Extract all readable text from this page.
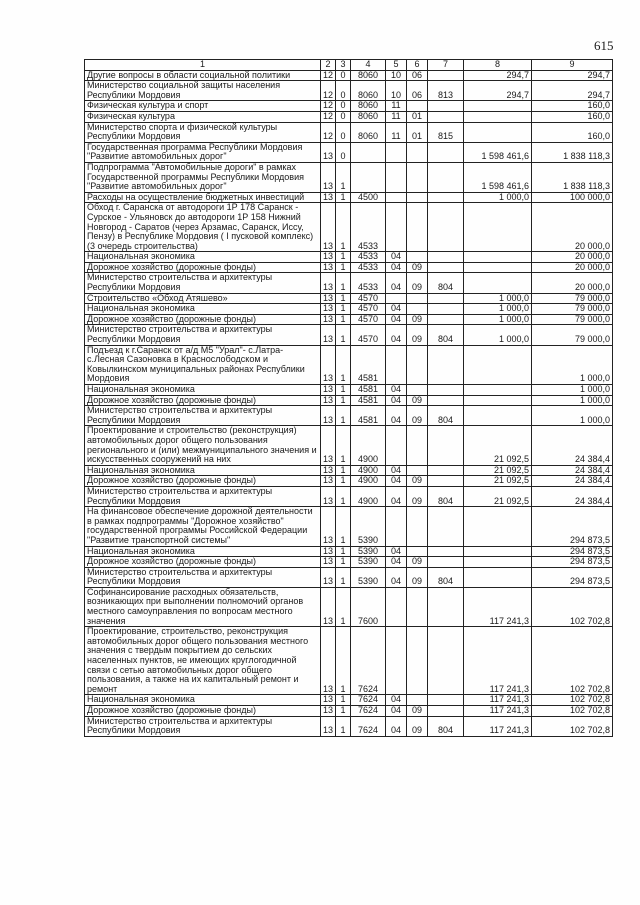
615
1	2	3	4	5	6	7	8	9
Другие вопросы в области социальной политики	12	0	8060	10	06		294,7	294,7
Министерство социальной защиты населения Республики Мордовия	12	0	8060	10	06	813	294,7	294,7
Физическая культура и спорт	12	0	8060	11				160,0
Физическая культура	12	0	8060	11	01			160,0
Министерство спорта и физической культуры Республики Мордовия	12	0	8060	11	01	815		160,0
Государственная программа Республики Мордовия "Развитие автомобильных дорог"	13	0					1 598 461,6	1 838 118,3
Подпрограмма "Автомобильные дороги" в рамках Государственной программы Республики Мордовия "Развитие автомобильных дорог"	13	1					1 598 461,6	1 838 118,3
Расходы на осуществление бюджетных инвестиций	13	1	4500				1 000,0	100 000,0
Обход г. Саранска от автодороги 1Р 178 Саранск - Сурское - Ульяновск до автодороги 1Р 158 Нижний Новгород - Саратов (через Арзамас, Саранск, Иссу, Пензу) в Республике Мордовия ( I пусковой комплекс) (3 очередь строительства)	13	1	4533					20 000,0
Национальная экономика	13	1	4533	04				20 000,0
Дорожное хозяйство (дорожные фонды)	13	1	4533	04	09			20 000,0
Министерство строительства и архитектуры Республики Мордовия	13	1	4533	04	09	804		20 000,0
Строительство «Обход Атяшево»	13	1	4570				1 000,0	79 000,0
Национальная экономика	13	1	4570	04			1 000,0	79 000,0
Дорожное хозяйство (дорожные фонды)	13	1	4570	04	09		1 000,0	79 000,0
Министерство строительства и архитектуры Республики Мордовия	13	1	4570	04	09	804	1 000,0	79 000,0
Подъезд к г.Саранск от а/д М5 "Урал"- с.Латра-с.Лесная Сазоновка в Краснослободском и Ковылкинском муниципальных районах Республики Мордовия	13	1	4581					1 000,0
Национальная экономика	13	1	4581	04				1 000,0
Дорожное хозяйство (дорожные фонды)	13	1	4581	04	09			1 000,0
Министерство строительства и архитектуры Республики Мордовия	13	1	4581	04	09	804		1 000,0
Проектирование и строительство (реконструкция) автомобильных дорог общего пользования регионального и (или) межмуниципального значения и искусственных сооружений на них	13	1	4900				21 092,5	24 384,4
Национальная экономика	13	1	4900	04			21 092,5	24 384,4
Дорожное хозяйство (дорожные фонды)	13	1	4900	04	09		21 092,5	24 384,4
Министерство строительства и архитектуры Республики Мордовия	13	1	4900	04	09	804	21 092,5	24 384,4
На финансовое обеспечение дорожной деятельности в рамках подпрограммы "Дорожное хозяйство" государственной программы Российской Федерации "Развитие транспортной системы"	13	1	5390					294 873,5
Национальная экономика	13	1	5390	04				294 873,5
Дорожное хозяйство (дорожные фонды)	13	1	5390	04	09			294 873,5
Министерство строительства и архитектуры Республики Мордовия	13	1	5390	04	09	804		294 873,5
Софинансирование расходных обязательств, возникающих при выполнении полномочий органов местного самоуправления по вопросам местного значения	13	1	7600				117 241,3	102 702,8
Проектирование, строительство, реконструкция автомобильных дорог общего пользования местного значения с твердым покрытием до сельских населенных пунктов, не имеющих круглогодичной связи с сетью автомобильных дорог общего пользования, а также на их капитальный ремонт и ремонт	13	1	7624				117 241,3	102 702,8
Национальная экономика	13	1	7624	04			117 241,3	102 702,8
Дорожное хозяйство (дорожные фонды)	13	1	7624	04	09		117 241,3	102 702,8
Министерство строительства и архитектуры Республики Мордовия	13	1	7624	04	09	804	117 241,3	102 702,8
